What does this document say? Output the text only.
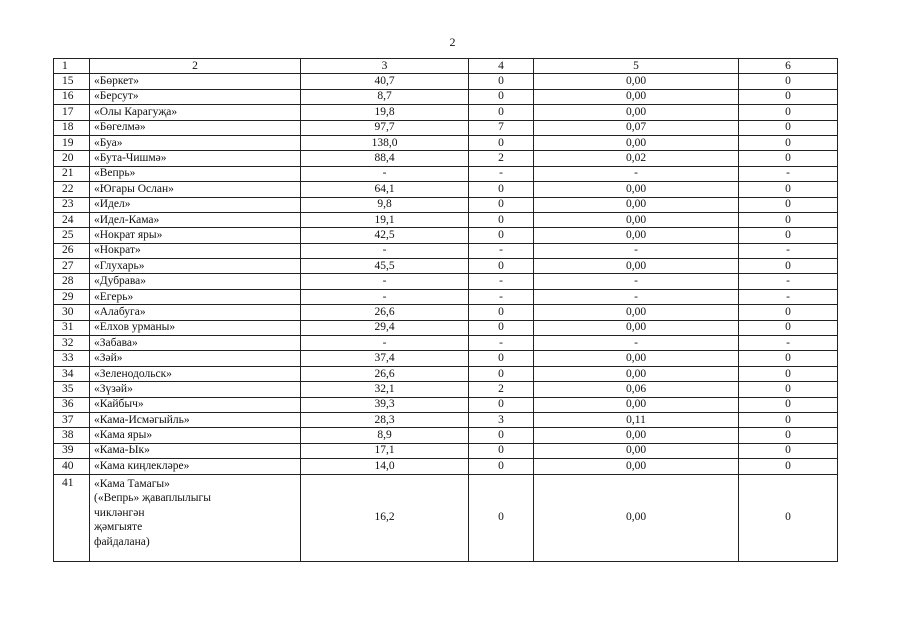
2
1	2	3	4	5	6
15	«Бөркет»	40,7	0	0,00	0
16	«Берсут»	8,7	0	0,00	0
17	«Олы Карагуҗа»	19,8	0	0,00	0
18	«Бөгелмә»	97,7	7	0,07	0
19	«Буа»	138,0	0	0,00	0
20	«Бута-Чишмә»	88,4	2	0,02	0
21	«Вепрь»	-	-	-	-
22	«Югары Ослан»	64,1	0	0,00	0
23	«Идел»	9,8	0	0,00	0
24	«Идел-Кама»	19,1	0	0,00	0
25	«Нократ яры»	42,5	0	0,00	0
26	«Нократ»	-	-	-	-
27	«Глухарь»	45,5	0	0,00	0
28	«Дубрава»	-	-	-	-
29	«Егерь»	-	-	-	-
30	«Алабуга»	26,6	0	0,00	0
31	«Елхов урманы»	29,4	0	0,00	0
32	«Забава»	-	-	-	-
33	«Зәй»	37,4	0	0,00	0
34	«Зеленодольск»	26,6	0	0,00	0
35	«Зүзәй»	32,1	2	0,06	0
36	«Кайбыч»	39,3	0	0,00	0
37	«Кама-Исмәгыйль»	28,3	3	0,11	0
38	«Кама яры»	8,9	0	0,00	0
39	«Кама-Ык»	17,1	0	0,00	0
40	«Кама киңлекләре»	14,0	0	0,00	0
41	«Кама Тамагы»
(«Вепрь» җаваплылыгы
чикләнгән
җәмгыяте
файдалана)	16,2	0	0,00	0
